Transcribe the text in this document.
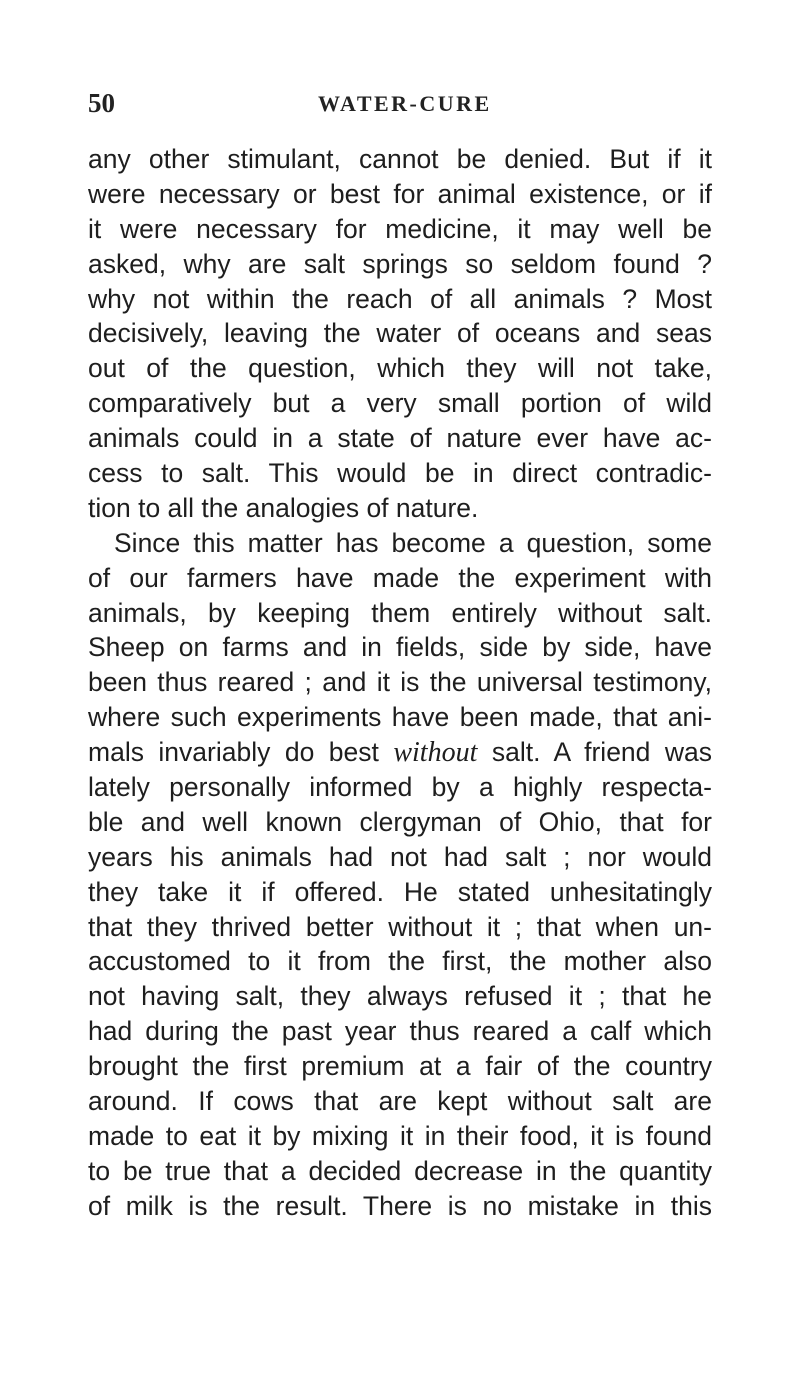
50	WATER-CURE
any other stimulant, cannot be denied. But if it
were necessary or best for animal existence, or if
it were necessary for medicine, it may well be
asked, why are salt springs so seldom found ?
why not within the reach of all animals ? Most
decisively, leaving the water of oceans and seas
out of the question, which they will not take,
comparatively but a very small portion of wild
animals could in a state of nature ever have ac-
cess to salt. This would be in direct contradic-
tion to all the analogies of nature.
Since this matter has become a question, some
of our farmers have made the experiment with
animals, by keeping them entirely without salt.
Sheep on farms and in fields, side by side, have
been thus reared ; and it is the universal testimony,
where such experiments have been made, that ani-
mals invariably do best without salt. A friend was
lately personally informed by a highly respecta-
ble and well known clergyman of Ohio, that for
years his animals had not had salt ; nor would
they take it if offered. He stated unhesitatingly
that they thrived better without it ; that when un-
accustomed to it from the first, the mother also
not having salt, they always refused it ; that he
had during the past year thus reared a calf which
brought the first premium at a fair of the country
around. If cows that are kept without salt are
made to eat it by mixing it in their food, it is found
to be true that a decided decrease in the quantity
of milk is the result. There is no mistake in this
